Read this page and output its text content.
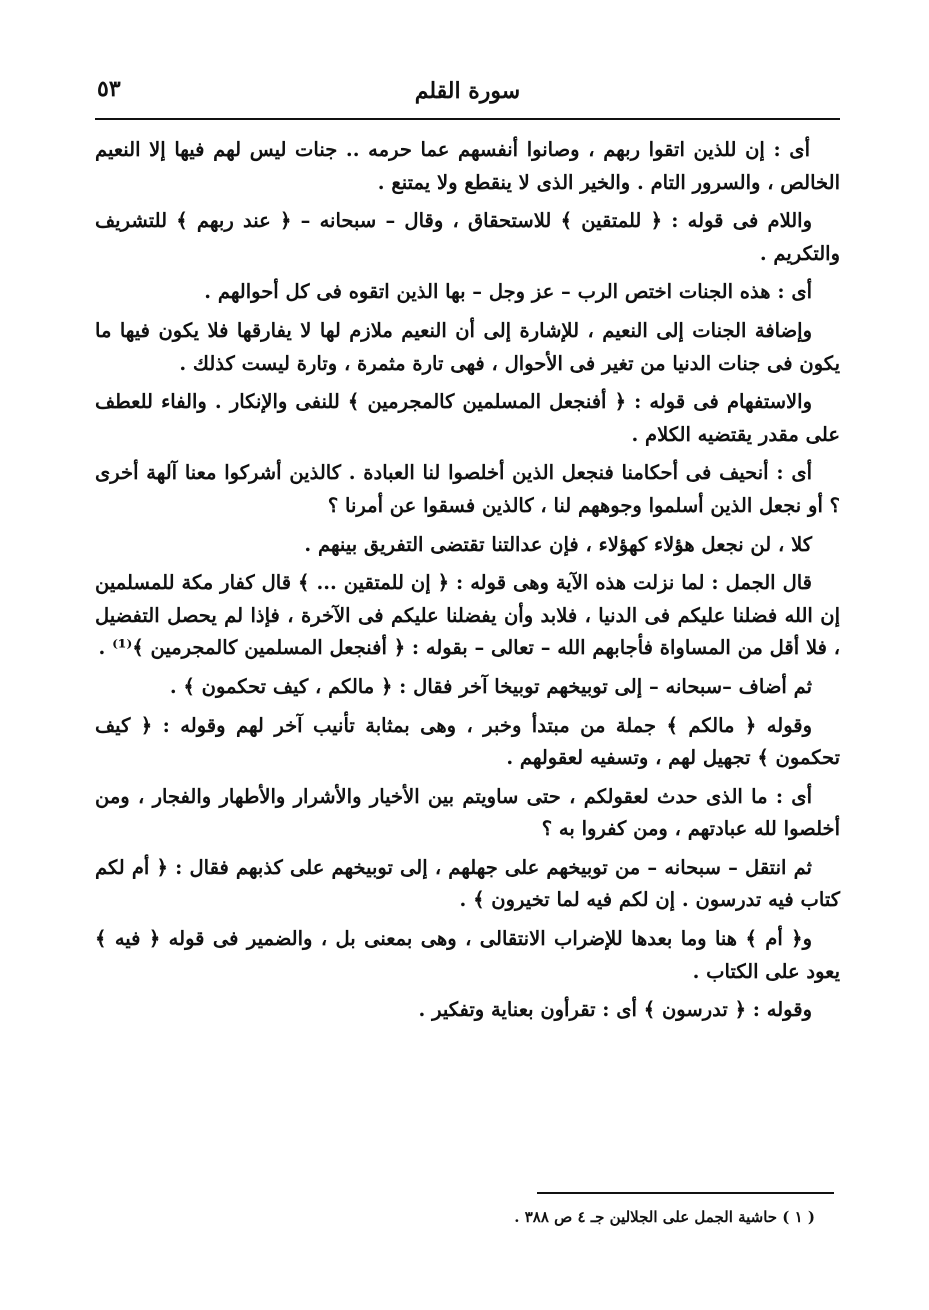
٥٣	سورة القلم

أى : إن للذين اتقوا ربهم ، وصانوا أنفسهم عما حرمه .. جنات ليس لهم فيها إلا النعيم الخالص ، والسرور التام . والخير الذى لا ينقطع ولا يمتنع .

واللام فى قوله : ﴿ للمتقين ﴾ للاستحقاق ، وقال – سبحانه – ﴿ عند ربهم ﴾ للتشريف والتكريم .

أى : هذه الجنات اختص الرب – عز وجل – بها الذين اتقوه فى كل أحوالهم .

وإضافة الجنات إلى النعيم ، للإشارة إلى أن النعيم ملازم لها لا يفارقها فلا يكون فيها ما يكون فى جنات الدنيا من تغير فى الأحوال ، فهى تارة مثمرة ، وتارة ليست كذلك .

والاستفهام فى قوله : ﴿ أفنجعل المسلمين كالمجرمين ﴾ للنفى والإنكار . والفاء للعطف على مقدر يقتضيه الكلام .

أى : أنحيف فى أحكامنا فنجعل الذين أخلصوا لنا العبادة . كالذين أشركوا معنا آلهة أخرى ؟ أو نجعل الذين أسلموا وجوههم لنا ، كالذين فسقوا عن أمرنا ؟

كلا ، لن نجعل هؤلاء كهؤلاء ، فإن عدالتنا تقتضى التفريق بينهم .

قال الجمل : لما نزلت هذه الآية وهى قوله : ﴿ إن للمتقين ... ﴾ قال كفار مكة للمسلمين إن الله فضلنا عليكم فى الدنيا ، فلابد وأن يفضلنا عليكم فى الآخرة ، فإذا لم يحصل التفضيل ، فلا أقل من المساواة فأجابهم الله – تعالى – بقوله : ﴿ أفنجعل المسلمين كالمجرمين ﴾⁽¹⁾ .

ثم أضاف –سبحانه – إلى توبيخهم توبيخا آخر فقال : ﴿ مالكم ، كيف تحكمون ﴾ .

وقوله ﴿ مالكم ﴾ جملة من مبتدأ وخبر ، وهى بمثابة تأنيب آخر لهم وقوله : ﴿ كيف تحكمون ﴾ تجهيل لهم ، وتسفيه لعقولهم .

أى : ما الذى حدث لعقولكم ، حتى ساويتم بين الأخيار والأشرار والأطهار والفجار ، ومن أخلصوا لله عبادتهم ، ومن كفروا به ؟

ثم انتقل – سبحانه – من توبيخهم على جهلهم ، إلى توبيخهم على كذبهم فقال : ﴿ أم لكم كتاب فيه تدرسون . إن لكم فيه لما تخيرون ﴾ .

و﴿ أم ﴾ هنا وما بعدها للإضراب الانتقالى ، وهى بمعنى بل ، والضمير فى قوله ﴿ فيه ﴾ يعود على الكتاب .

وقوله : ﴿ تدرسون ﴾ أى : تقرأون بعناية وتفكير .

( ١ ) حاشية الجمل على الجلالين جـ ٤ ص ٣٨٨ .
